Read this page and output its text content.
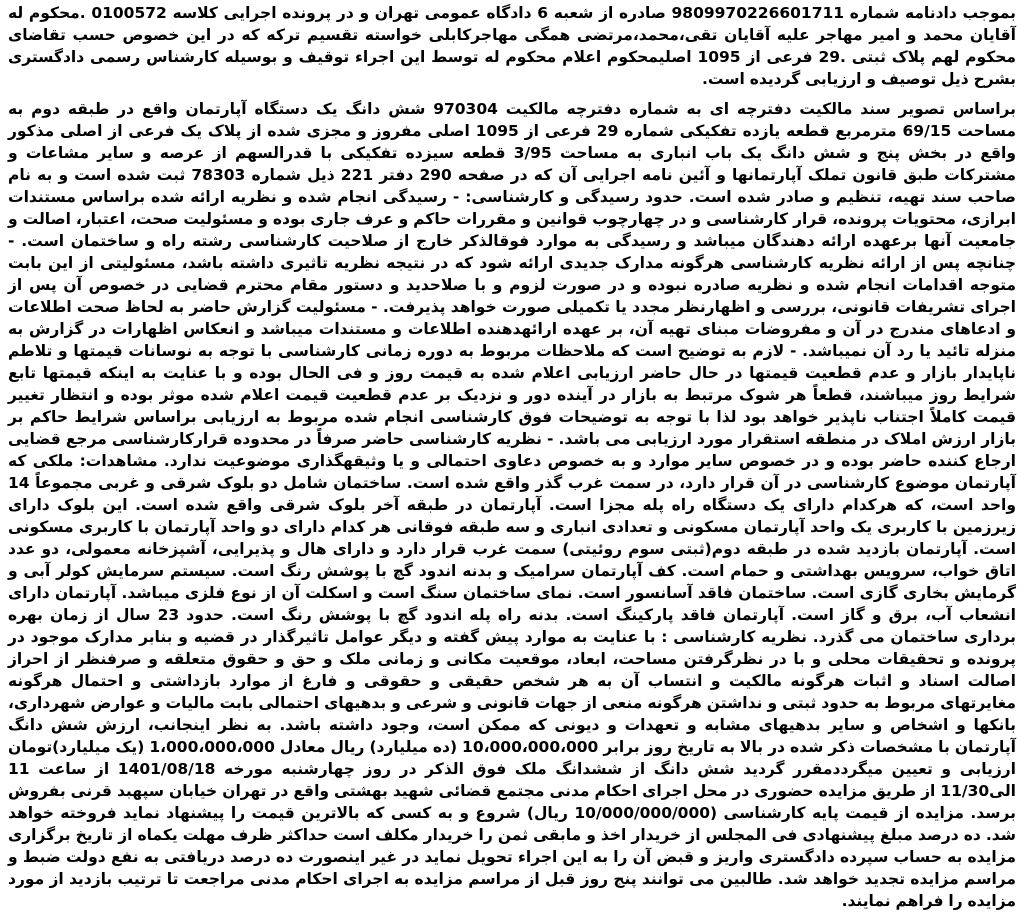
بموجب دادنامه شماره 9809970226601711 صادره از شعبه 6 دادگاه عمومی تهران و در پرونده اجرایی کلاسه 0100572 .محکوم له آقایان محمد و امیر مهاجر علیه آقایان تقی،محمد،مرتضی همگی مهاجرکابلی خواسته تقسیم ترکه که در این خصوص حسب تقاضای محکوم لهم پلاک ثبتی .29 فرعی از 1095 اصلیمحکوم اعلام محکوم له توسط این اجراء توقیف و بوسیله کارشناس رسمی دادگستری بشرح ذیل توصیف و ارزیابی گردیده است.

براساس تصویر سند مالکیت دفترچه ای به شماره دفترچه مالکیت 970304 شش دانگ یک دستگاه آپارتمان واقع در طبقه دوم به مساحت 69/15 مترمربع قطعه یازده تفکیکی شماره 29 فرعی از 1095 اصلی مفروز و مجزی شده از پلاک یک فرعی از اصلی مذکور واقع در بخش پنج و شش دانگ یک باب انباری به مساحت 3/95 قطعه سیزده تفکیکی با قدرالسهم از عرصه و سایر مشاعات و مشترکات طبق قانون تملک آپارتمانها و آئین نامه اجرایی آن که در صفحه 290 دفتر 221 ذیل شماره 78303 ثبت شده است و به نام صاحب سند تهیه، تنظیم و صادر شده است. حدود رسیدگی و کارشناسی: - رسیدگی انجام شده و نظریه ارائه شده براساس مستندات ابرازی، محتویات پرونده، قرار کارشناسی و در چهارچوب قوانین و مقررات حاکم و عرف جاری بوده و مسئولیت صحت، اعتبار، اصالت و جامعیت آنها برعهده ارائه دهندگان میباشد و رسیدگی به موارد فوقالذکر خارج از صلاحیت کارشناسی رشته راه و ساختمان است. - چنانچه پس از ارائه نظریه کارشناسی هرگونه مدارک جدیدی ارائه شود که در نتیجه نظریه تاثیری داشته باشد، مسئولیتی از این بابت متوجه اقدامات انجام شده و نظریه صادره نبوده و در صورت لزوم و با صلاحدید و دستور مقام محترم قضایی در خصوص آن پس از اجرای تشریفات قانونی، بررسی و اظهارنظر مجدد یا تکمیلی صورت خواهد پذیرفت. - مسئولیت گزارش حاضر به لحاظ صحت اطلاعات و ادعاهای مندرج در آن و مفروضات مبنای تهیه آن، بر عهده ارائهدهنده اطلاعات و مستندات میباشد و انعکاس اظهارات در گزارش به منزله تائید یا رد آن نمیباشد. - لازم به توضیح است که ملاحظات مربوط به دوره زمانی کارشناسی با توجه به نوسانات قیمتها و تلاطم ناپایدار بازار و عدم قطعیت قیمتها در حال حاضر ارزیابی اعلام شده به قیمت روز و فی الحال بوده و با عنایت به اینکه قیمتها تابع شرایط روز میباشند، قطعاً هر شوک مرتبط به بازار در آینده دور و نزدیک بر عدم قطعیت قیمت اعلام شده موثر بوده و انتظار تغییر قیمت کاملاً اجتناب ناپذیر خواهد بود لذا با توجه به توضیحات فوق کارشناسی انجام شده مربوط به ارزیابی براساس شرایط حاکم بر بازار ارزش املاک در منطقه استقرار مورد ارزیابی می باشد. - نظریه کارشناسی حاضر صرفاً در محدوده قرارکارشناسی مرجع قضایی ارجاع کننده حاضر بوده و در خصوص سایر موارد و به خصوص دعاوی احتمالی و یا وثیقهگذاری موضوعیت ندارد. مشاهدات: ملکی که آپارتمان موضوع کارشناسی در آن قرار دارد، در سمت غرب گذر واقع شده است. ساختمان شامل دو بلوک شرقی و غربی مجموعاً 14 واحد است، که هرکدام دارای یک دستگاه راه پله مجزا است. آپارتمان در طبقه آخر بلوک شرقی واقع شده است. این بلوک دارای زیرزمین با کاربری یک واحد آپارتمان مسکونی و تعدادی انباری و سه طبقه فوقانی هر کدام دارای دو واحد آپارتمان با کاربری مسکونی است. آپارتمان بازدید شده در طبقه دوم(ثبتی سوم روئیتی) سمت غرب قرار دارد و دارای هال و پذیرایی، آشپزخانه معمولی، دو عدد اتاق خواب، سرویس بهداشتی و حمام است. کف آپارتمان سرامیک و بدنه اندود گچ با پوشش رنگ است. سیستم سرمایش کولر آبی و گرمایش بخاری گازی است. ساختمان فاقد آسانسور است. نمای ساختمان سنگ است و اسکلت آن از نوع فلزی میباشد. آپارتمان دارای انشعاب آب، برق و گاز است. آپارتمان فاقد پارکینگ است. بدنه راه پله اندود گچ با پوشش رنگ است. حدود 23 سال از زمان بهره برداری ساختمان می گذرد. نظریه کارشناسی : با عنایت به موارد پیش گفته و دیگر عوامل تاثیرگذار در قضیه و بنابر مدارک موجود در پرونده و تحقیقات محلی و با در نظرگرفتن مساحت، ابعاد، موقعیت مکانی و زمانی ملک و حق و حقوق متعلقه و صرفنظر از احراز اصالت اسناد و اثبات هرگونه مالکیت و انتساب آن به هر شخص حقیقی و حقوقی و فارغ از موارد بازداشتی و احتمال هرگونه مغایرتهای مربوط به حدود ثبتی و نداشتن هرگونه منعی از جهات قانونی و شرعی و بدهیهای احتمالی بابت مالیات و عوارض شهرداری، بانکها و اشخاص و سایر بدهیهای مشابه و تعهدات و دیونی که ممکن است، وجود داشته باشد. به نظر اینجانب، ارزش شش دانگ آپارتمان با مشخصات ذکر شده در بالا به تاریخ روز برابر 10،000،000،000 (ده میلیارد) ریال معادل 1،000،000،000 (یک میلیارد)تومان ارزیابی و تعیین میگرددمقرر گردید شش دانگ از ششدانگ ملک فوق الذکر در روز چهارشنبه مورخه 1401/08/18 از ساعت 11 الی11/30 از طریق مزایده حضوری در محل اجرای احکام مدنی مجتمع قضائی شهید بهشتی واقع در تهران خیابان سپهبد قرنی بفروش برسد. مزایده از قیمت پایه کارشناسی (10/000/000/000 ریال) شروع و به کسی که بالاترین قیمت را پیشنهاد نماید فروخته خواهد شد. ده درصد مبلغ پیشنهادی فی المجلس از خریدار اخذ و مابقی ثمن را خریدار مکلف است حداکثر ظرف مهلت یکماه از تاریخ برگزاری مزایده به حساب سپرده دادگستری واریز و قبض آن را به این اجراء تحویل نماید در غیر اینصورت ده درصد دریافتی به نفع دولت ضبط و مراسم مزایده تجدید خواهد شد. طالبین می توانند پنج روز قبل از مراسم مزایده به اجرای احکام مدنی مراجعت تا ترتیب بازدید از مورد مزایده را فراهم نمایند.
